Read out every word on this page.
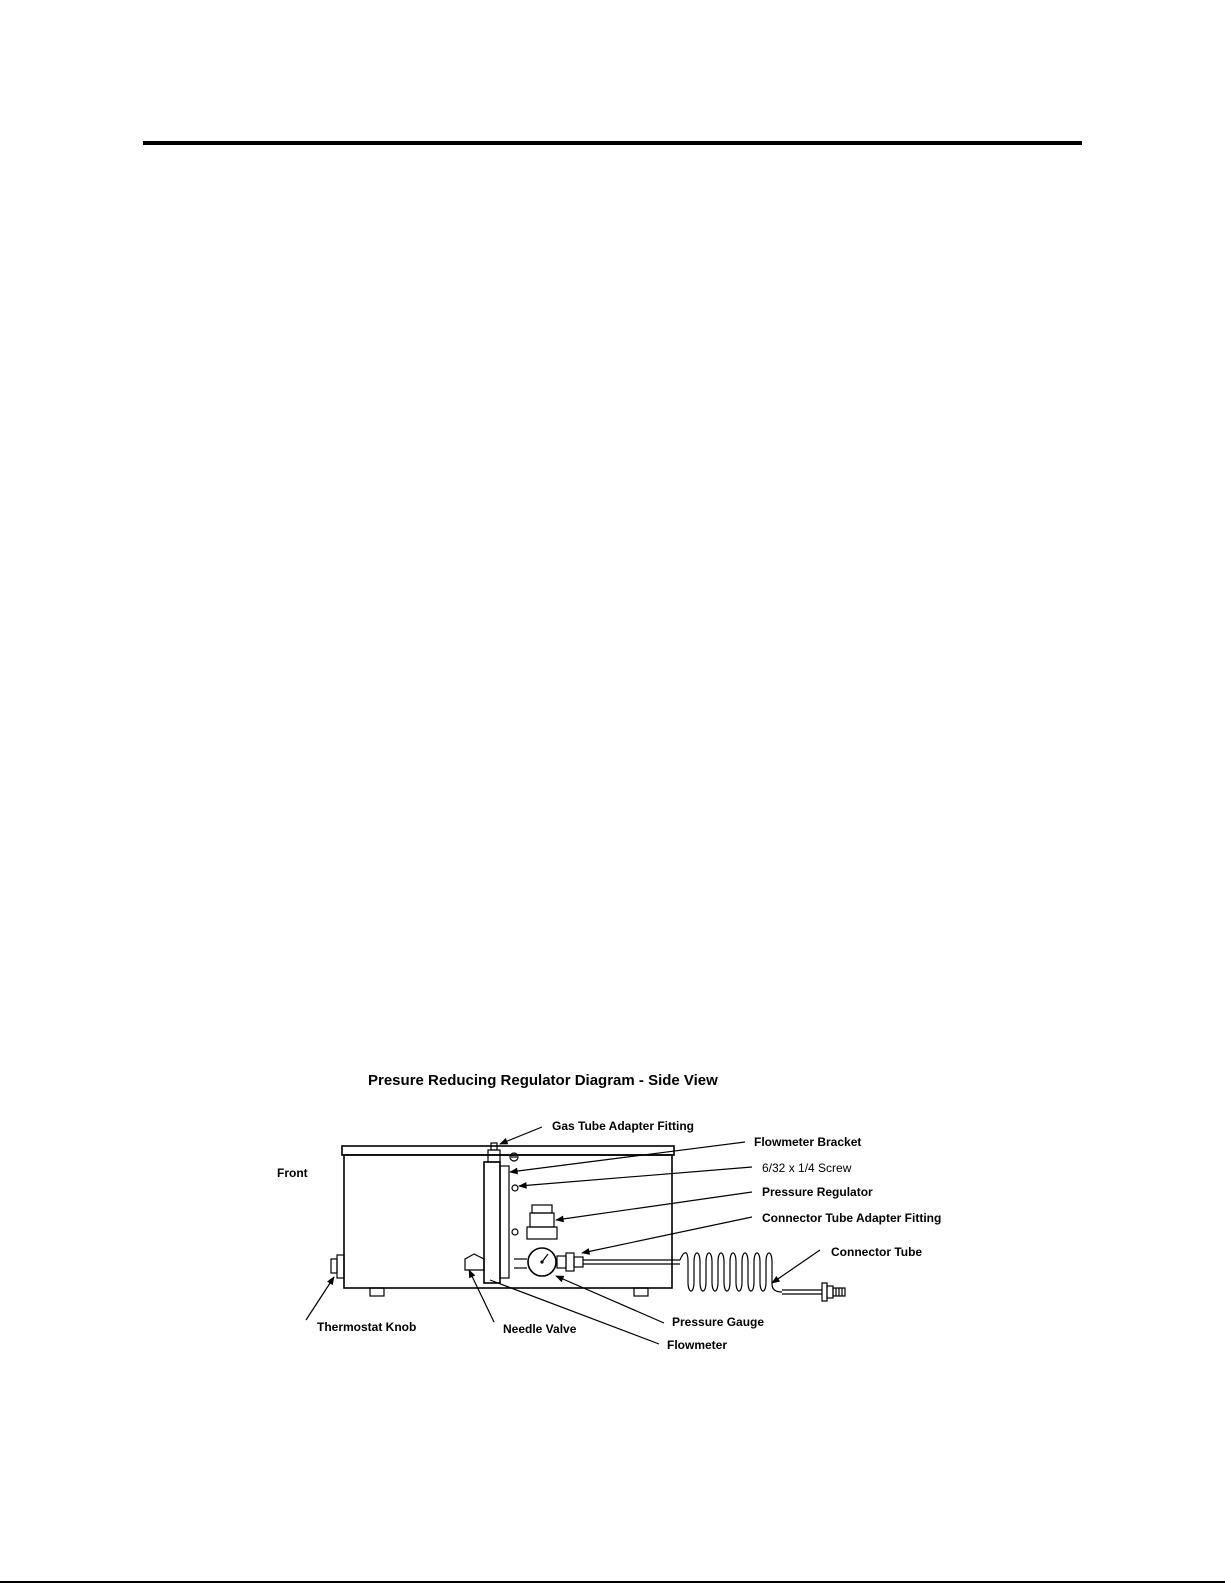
Presure Reducing Regulator Diagram - Side View
Front
Gas Tube Adapter Fitting
Flowmeter Bracket
6/32 x 1/4 Screw
Pressure Regulator
Connector Tube Adapter Fitting
Connector Tube
Thermostat Knob	Needle Valve	Pressure Gauge
Flowmeter
